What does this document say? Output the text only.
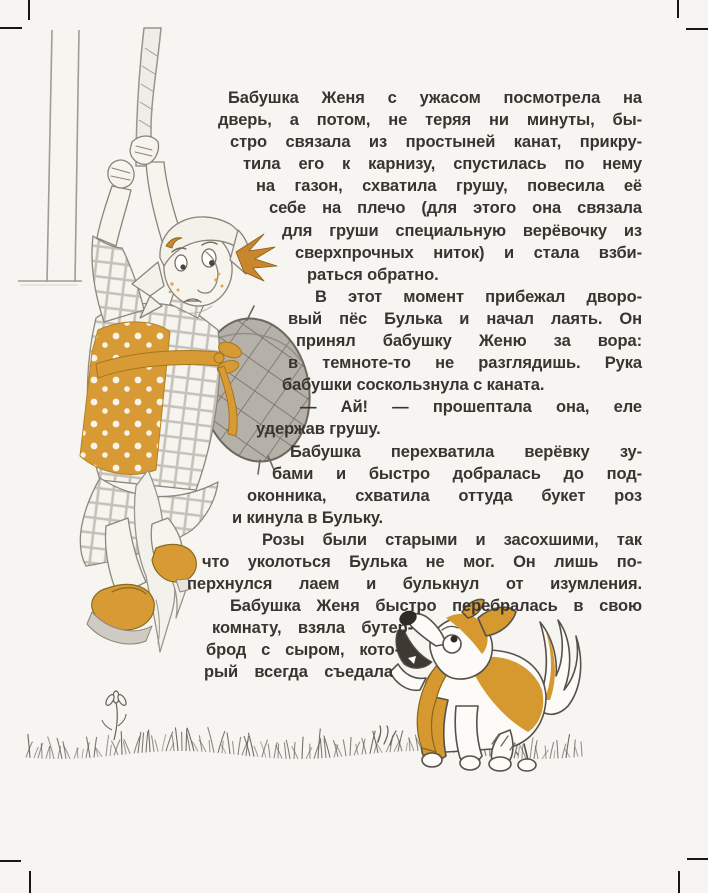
Бабушка Женя с ужасом посмотрела на
дверь, а потом, не теряя ни минуты, бы-
стро связала из простыней канат, прикру-
тила его к карнизу, спустилась по нему
на газон, схватила грушу, повесила её
себе на плечо (для этого она связала
для груши специальную верёвочку из
сверхпрочных ниток) и стала взби-
раться обратно.
В этот момент прибежал дворо-
вый пёс Булька и начал лаять. Он
принял бабушку Женю за вора:
в темноте-то не разглядишь. Рука
бабушки соскользнула с каната.
— Ай! — прошептала она, еле
удержав грушу.
Бабушка перехватила верёвку зу-
бами и быстро добралась до под-
оконника, схватила оттуда букет роз
и кинула в Бульку.
Розы были старыми и засохшими, так
что уколоться Булька не мог. Он лишь по-
перхнулся лаем и булькнул от изумления.
Бабушка Женя быстро перебралась в свою
комнату, взяла бутер-
брод с сыром, кото-
рый всегда съедала
